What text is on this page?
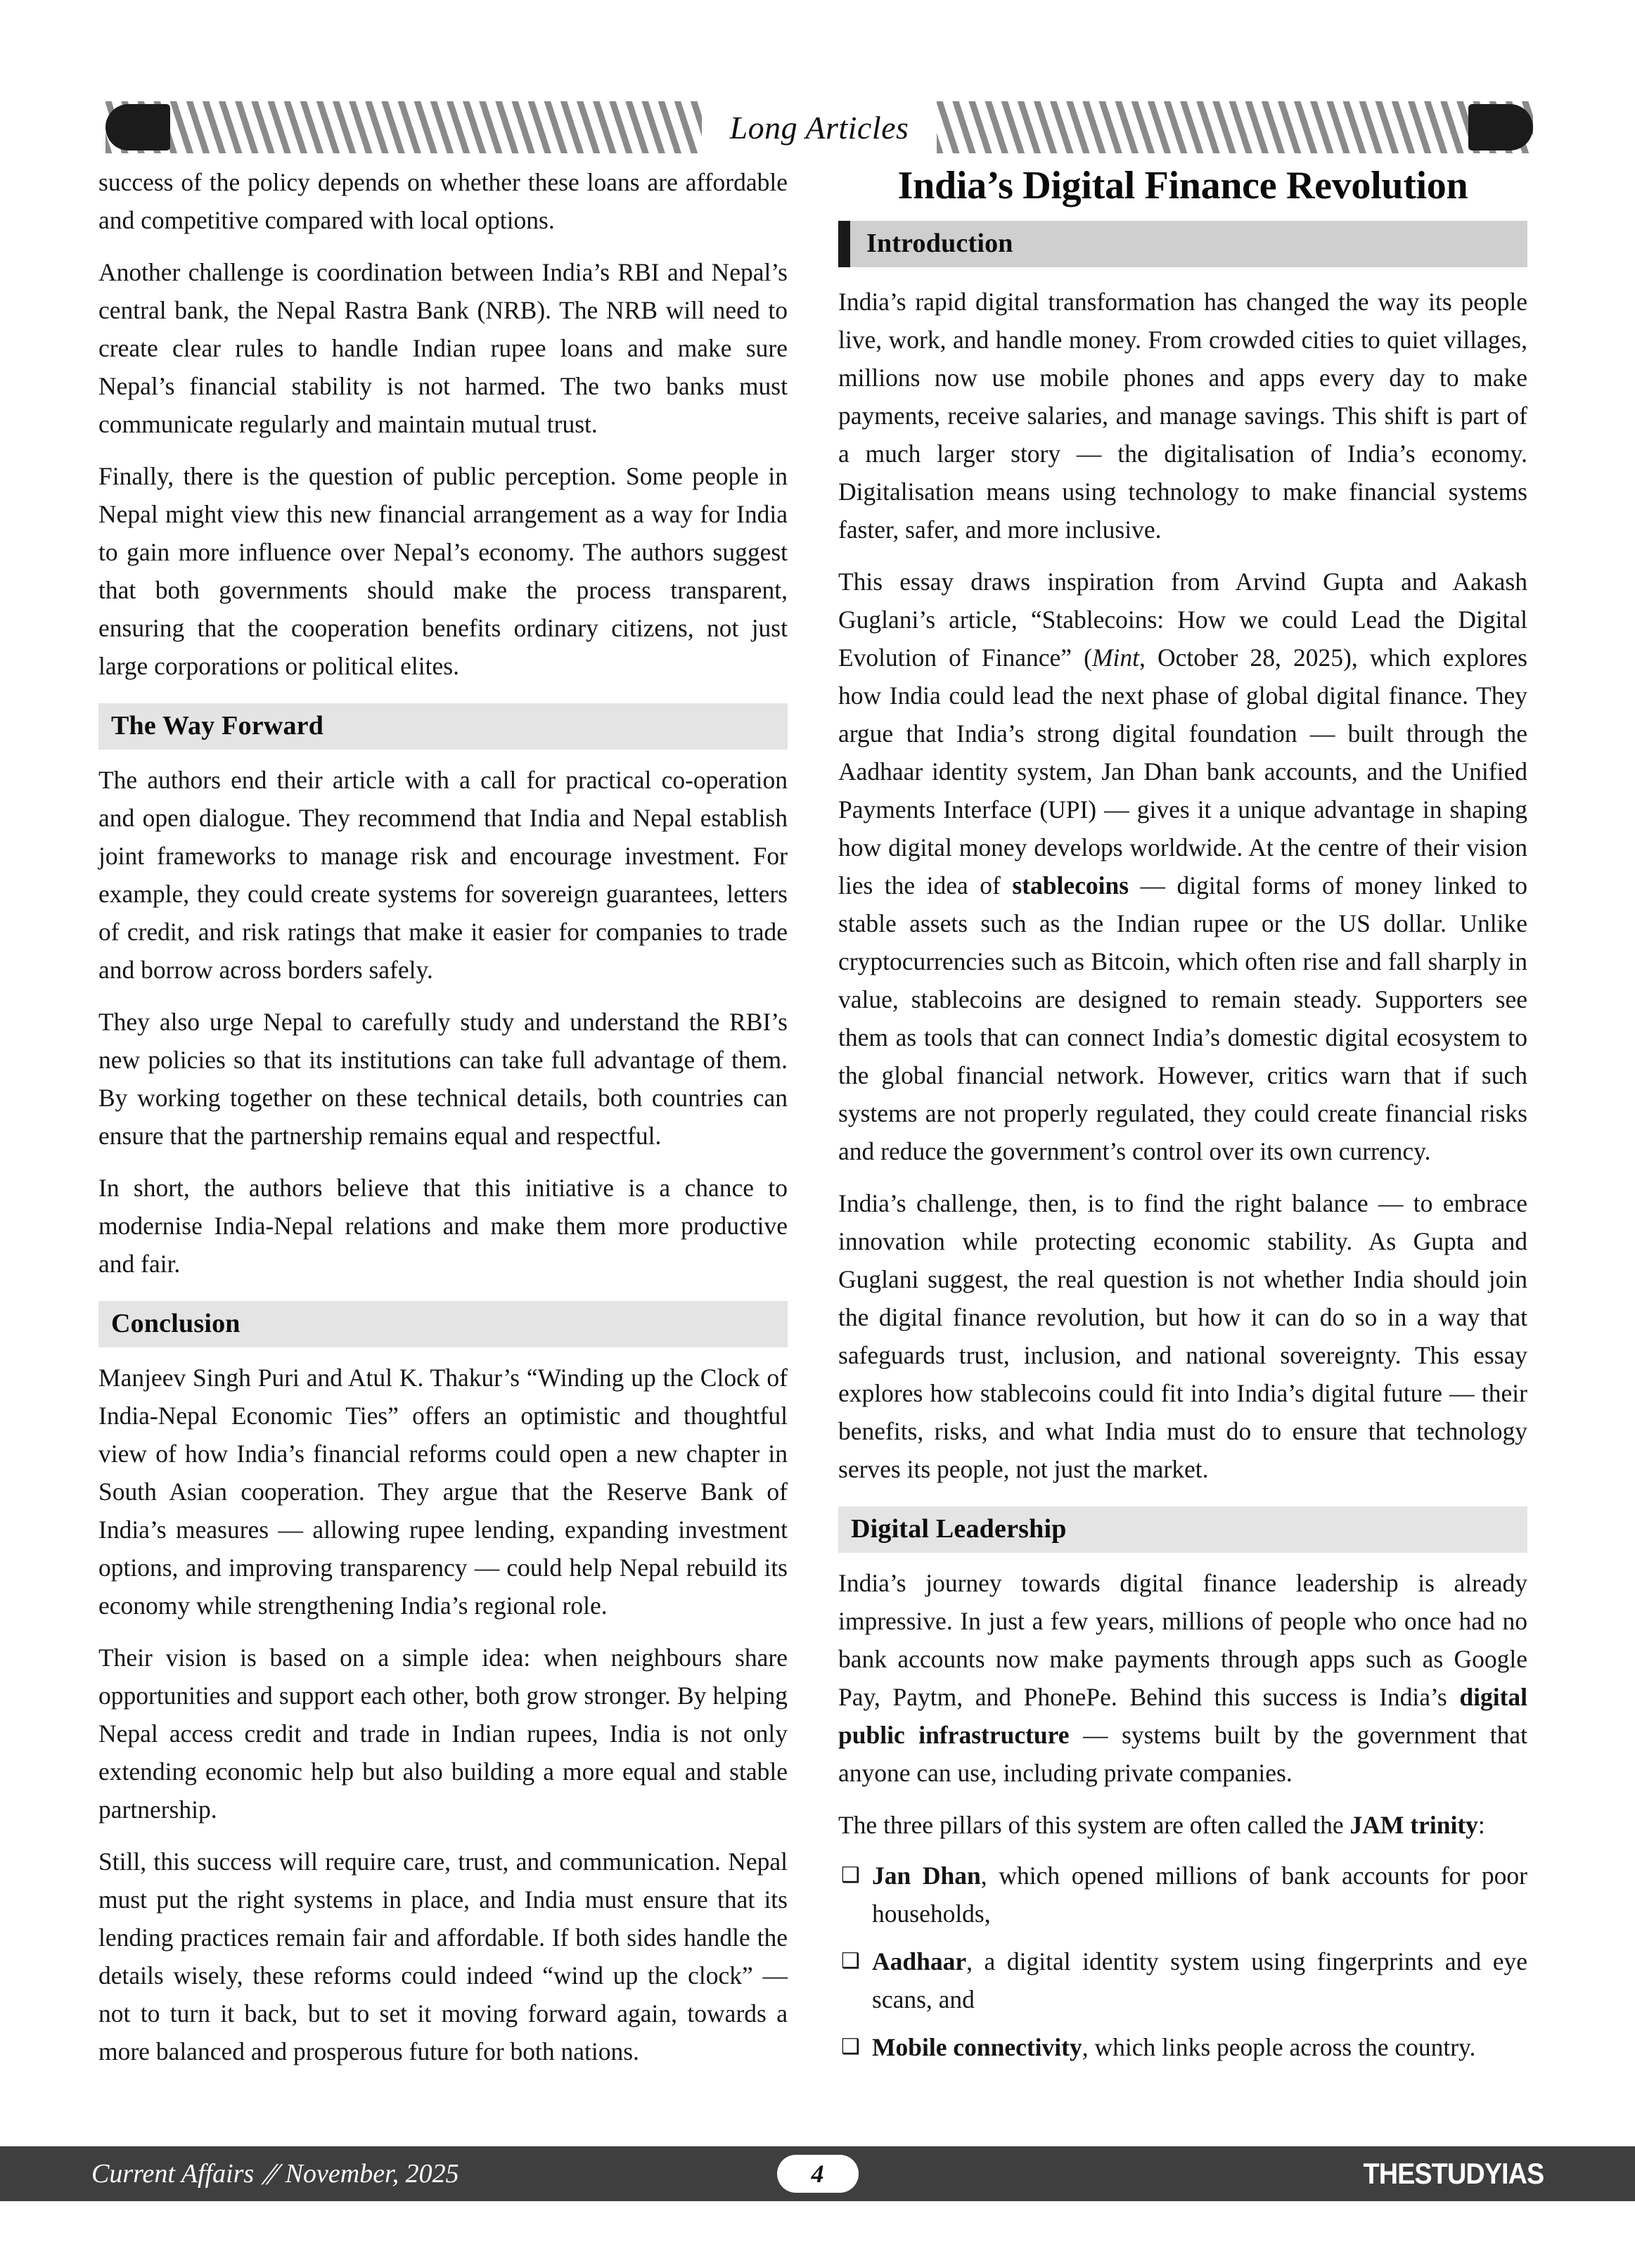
Long Articles

success of the policy depends on whether these loans are affordable and competitive compared with local options.

Another challenge is coordination between India’s RBI and Nepal’s central bank, the Nepal Rastra Bank (NRB). The NRB will need to create clear rules to handle Indian rupee loans and make sure Nepal’s financial stability is not harmed. The two banks must communicate regularly and maintain mutual trust.

Finally, there is the question of public perception. Some people in Nepal might view this new financial arrangement as a way for India to gain more influence over Nepal’s economy. The authors suggest that both governments should make the process transparent, ensuring that the cooperation benefits ordinary citizens, not just large corporations or political elites.

The Way Forward

The authors end their article with a call for practical co-operation and open dialogue. They recommend that India and Nepal establish joint frameworks to manage risk and encourage investment. For example, they could create systems for sovereign guarantees, letters of credit, and risk ratings that make it easier for companies to trade and borrow across borders safely.

They also urge Nepal to carefully study and understand the RBI’s new policies so that its institutions can take full advantage of them. By working together on these technical details, both countries can ensure that the partnership remains equal and respectful.

In short, the authors believe that this initiative is a chance to modernise India-Nepal relations and make them more productive and fair.

Conclusion

Manjeev Singh Puri and Atul K. Thakur’s “Winding up the Clock of India-Nepal Economic Ties” offers an optimistic and thoughtful view of how India’s financial reforms could open a new chapter in South Asian cooperation. They argue that the Reserve Bank of India’s measures — allowing rupee lending, expanding investment options, and improving transparency — could help Nepal rebuild its economy while strengthening India’s regional role.

Their vision is based on a simple idea: when neighbours share opportunities and support each other, both grow stronger. By helping Nepal access credit and trade in Indian rupees, India is not only extending economic help but also building a more equal and stable partnership.

Still, this success will require care, trust, and communication. Nepal must put the right systems in place, and India must ensure that its lending practices remain fair and affordable. If both sides handle the details wisely, these reforms could indeed “wind up the clock” — not to turn it back, but to set it moving forward again, towards a more balanced and prosperous future for both nations.

India’s Digital Finance Revolution
Introduction

India’s rapid digital transformation has changed the way its people live, work, and handle money. From crowded cities to quiet villages, millions now use mobile phones and apps every day to make payments, receive salaries, and manage savings. This shift is part of a much larger story — the digitalisation of India’s economy. Digitalisation means using technology to make financial systems faster, safer, and more inclusive.

This essay draws inspiration from Arvind Gupta and Aakash Guglani’s article, “Stablecoins: How we could Lead the Digital Evolution of Finance” (Mint, October 28, 2025), which explores how India could lead the next phase of global digital finance. They argue that India’s strong digital foundation — built through the Aadhaar identity system, Jan Dhan bank accounts, and the Unified Payments Interface (UPI) — gives it a unique advantage in shaping how digital money develops worldwide. At the centre of their vision lies the idea of stablecoins — digital forms of money linked to stable assets such as the Indian rupee or the US dollar. Unlike cryptocurrencies such as Bitcoin, which often rise and fall sharply in value, stablecoins are designed to remain steady. Supporters see them as tools that can connect India’s domestic digital ecosystem to the global financial network. However, critics warn that if such systems are not properly regulated, they could create financial risks and reduce the government’s control over its own currency.

India’s challenge, then, is to find the right balance — to embrace innovation while protecting economic stability. As Gupta and Guglani suggest, the real question is not whether India should join the digital finance revolution, but how it can do so in a way that safeguards trust, inclusion, and national sovereignty. This essay explores how stablecoins could fit into India’s digital future — their benefits, risks, and what India must do to ensure that technology serves its people, not just the market.

Digital Leadership

India’s journey towards digital finance leadership is already impressive. In just a few years, millions of people who once had no bank accounts now make payments through apps such as Google Pay, Paytm, and PhonePe. Behind this success is India’s digital public infrastructure — systems built by the government that anyone can use, including private companies.

The three pillars of this system are often called the JAM trinity:

❑ Jan Dhan, which opened millions of bank accounts for poor households,
❑ Aadhaar, a digital identity system using fingerprints and eye scans, and
❑ Mobile connectivity, which links people across the country.
Current Affairs // November, 2025	4	THESTUDYIAS
